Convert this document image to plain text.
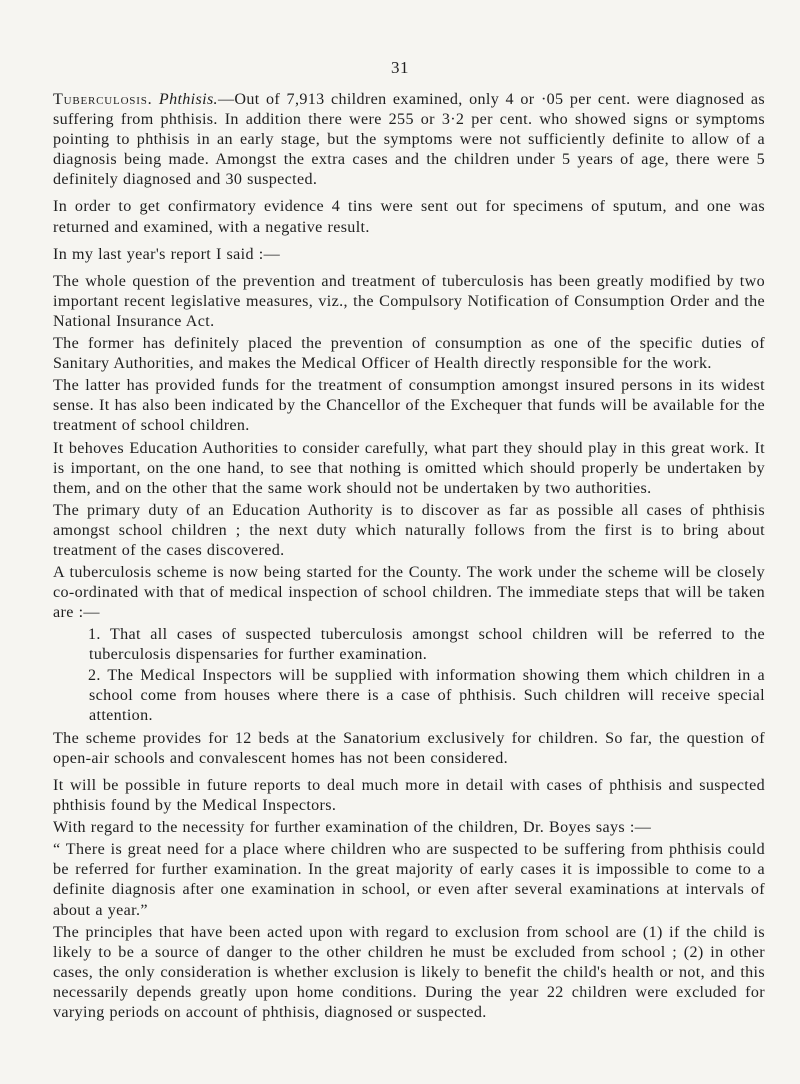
31

Tuberculosis. Phthisis.—Out of 7,913 children examined, only 4 or ·05 per cent. were diagnosed as suffering from phthisis. In addition there were 255 or 3·2 per cent. who showed signs or symptoms pointing to phthisis in an early stage, but the symptoms were not sufficiently definite to allow of a diagnosis being made. Amongst the extra cases and the children under 5 years of age, there were 5 definitely diagnosed and 30 suspected.

In order to get confirmatory evidence 4 tins were sent out for specimens of sputum, and one was returned and examined, with a negative result.

In my last year's report I said :—

The whole question of the prevention and treatment of tuberculosis has been greatly modified by two important recent legislative measures, viz., the Compulsory Notification of Consumption Order and the National Insurance Act.

The former has definitely placed the prevention of consumption as one of the specific duties of Sanitary Authorities, and makes the Medical Officer of Health directly responsible for the work.

The latter has provided funds for the treatment of consumption amongst insured persons in its widest sense. It has also been indicated by the Chancellor of the Exchequer that funds will be available for the treatment of school children.

It behoves Education Authorities to consider carefully, what part they should play in this great work. It is important, on the one hand, to see that nothing is omitted which should properly be undertaken by them, and on the other that the same work should not be undertaken by two authorities.

The primary duty of an Education Authority is to discover as far as possible all cases of phthisis amongst school children ; the next duty which naturally follows from the first is to bring about treatment of the cases discovered.

A tuberculosis scheme is now being started for the County. The work under the scheme will be closely co-ordinated with that of medical inspection of school children. The immediate steps that will be taken are :—

1. That all cases of suspected tuberculosis amongst school children will be referred to the tuberculosis dispensaries for further examination.

2. The Medical Inspectors will be supplied with information showing them which children in a school come from houses where there is a case of phthisis. Such children will receive special attention.

The scheme provides for 12 beds at the Sanatorium exclusively for children. So far, the question of open-air schools and convalescent homes has not been considered.

It will be possible in future reports to deal much more in detail with cases of phthisis and suspected phthisis found by the Medical Inspectors.

With regard to the necessity for further examination of the children, Dr. Boyes says :—

“ There is great need for a place where children who are suspected to be suffering from phthisis could be referred for further examination. In the great majority of early cases it is impossible to come to a definite diagnosis after one examination in school, or even after several examinations at intervals of about a year.”

The principles that have been acted upon with regard to exclusion from school are (1) if the child is likely to be a source of danger to the other children he must be excluded from school ; (2) in other cases, the only consideration is whether exclusion is likely to benefit the child's health or not, and this necessarily depends greatly upon home conditions. During the year 22 children were excluded for varying periods on account of phthisis, diagnosed or suspected.
